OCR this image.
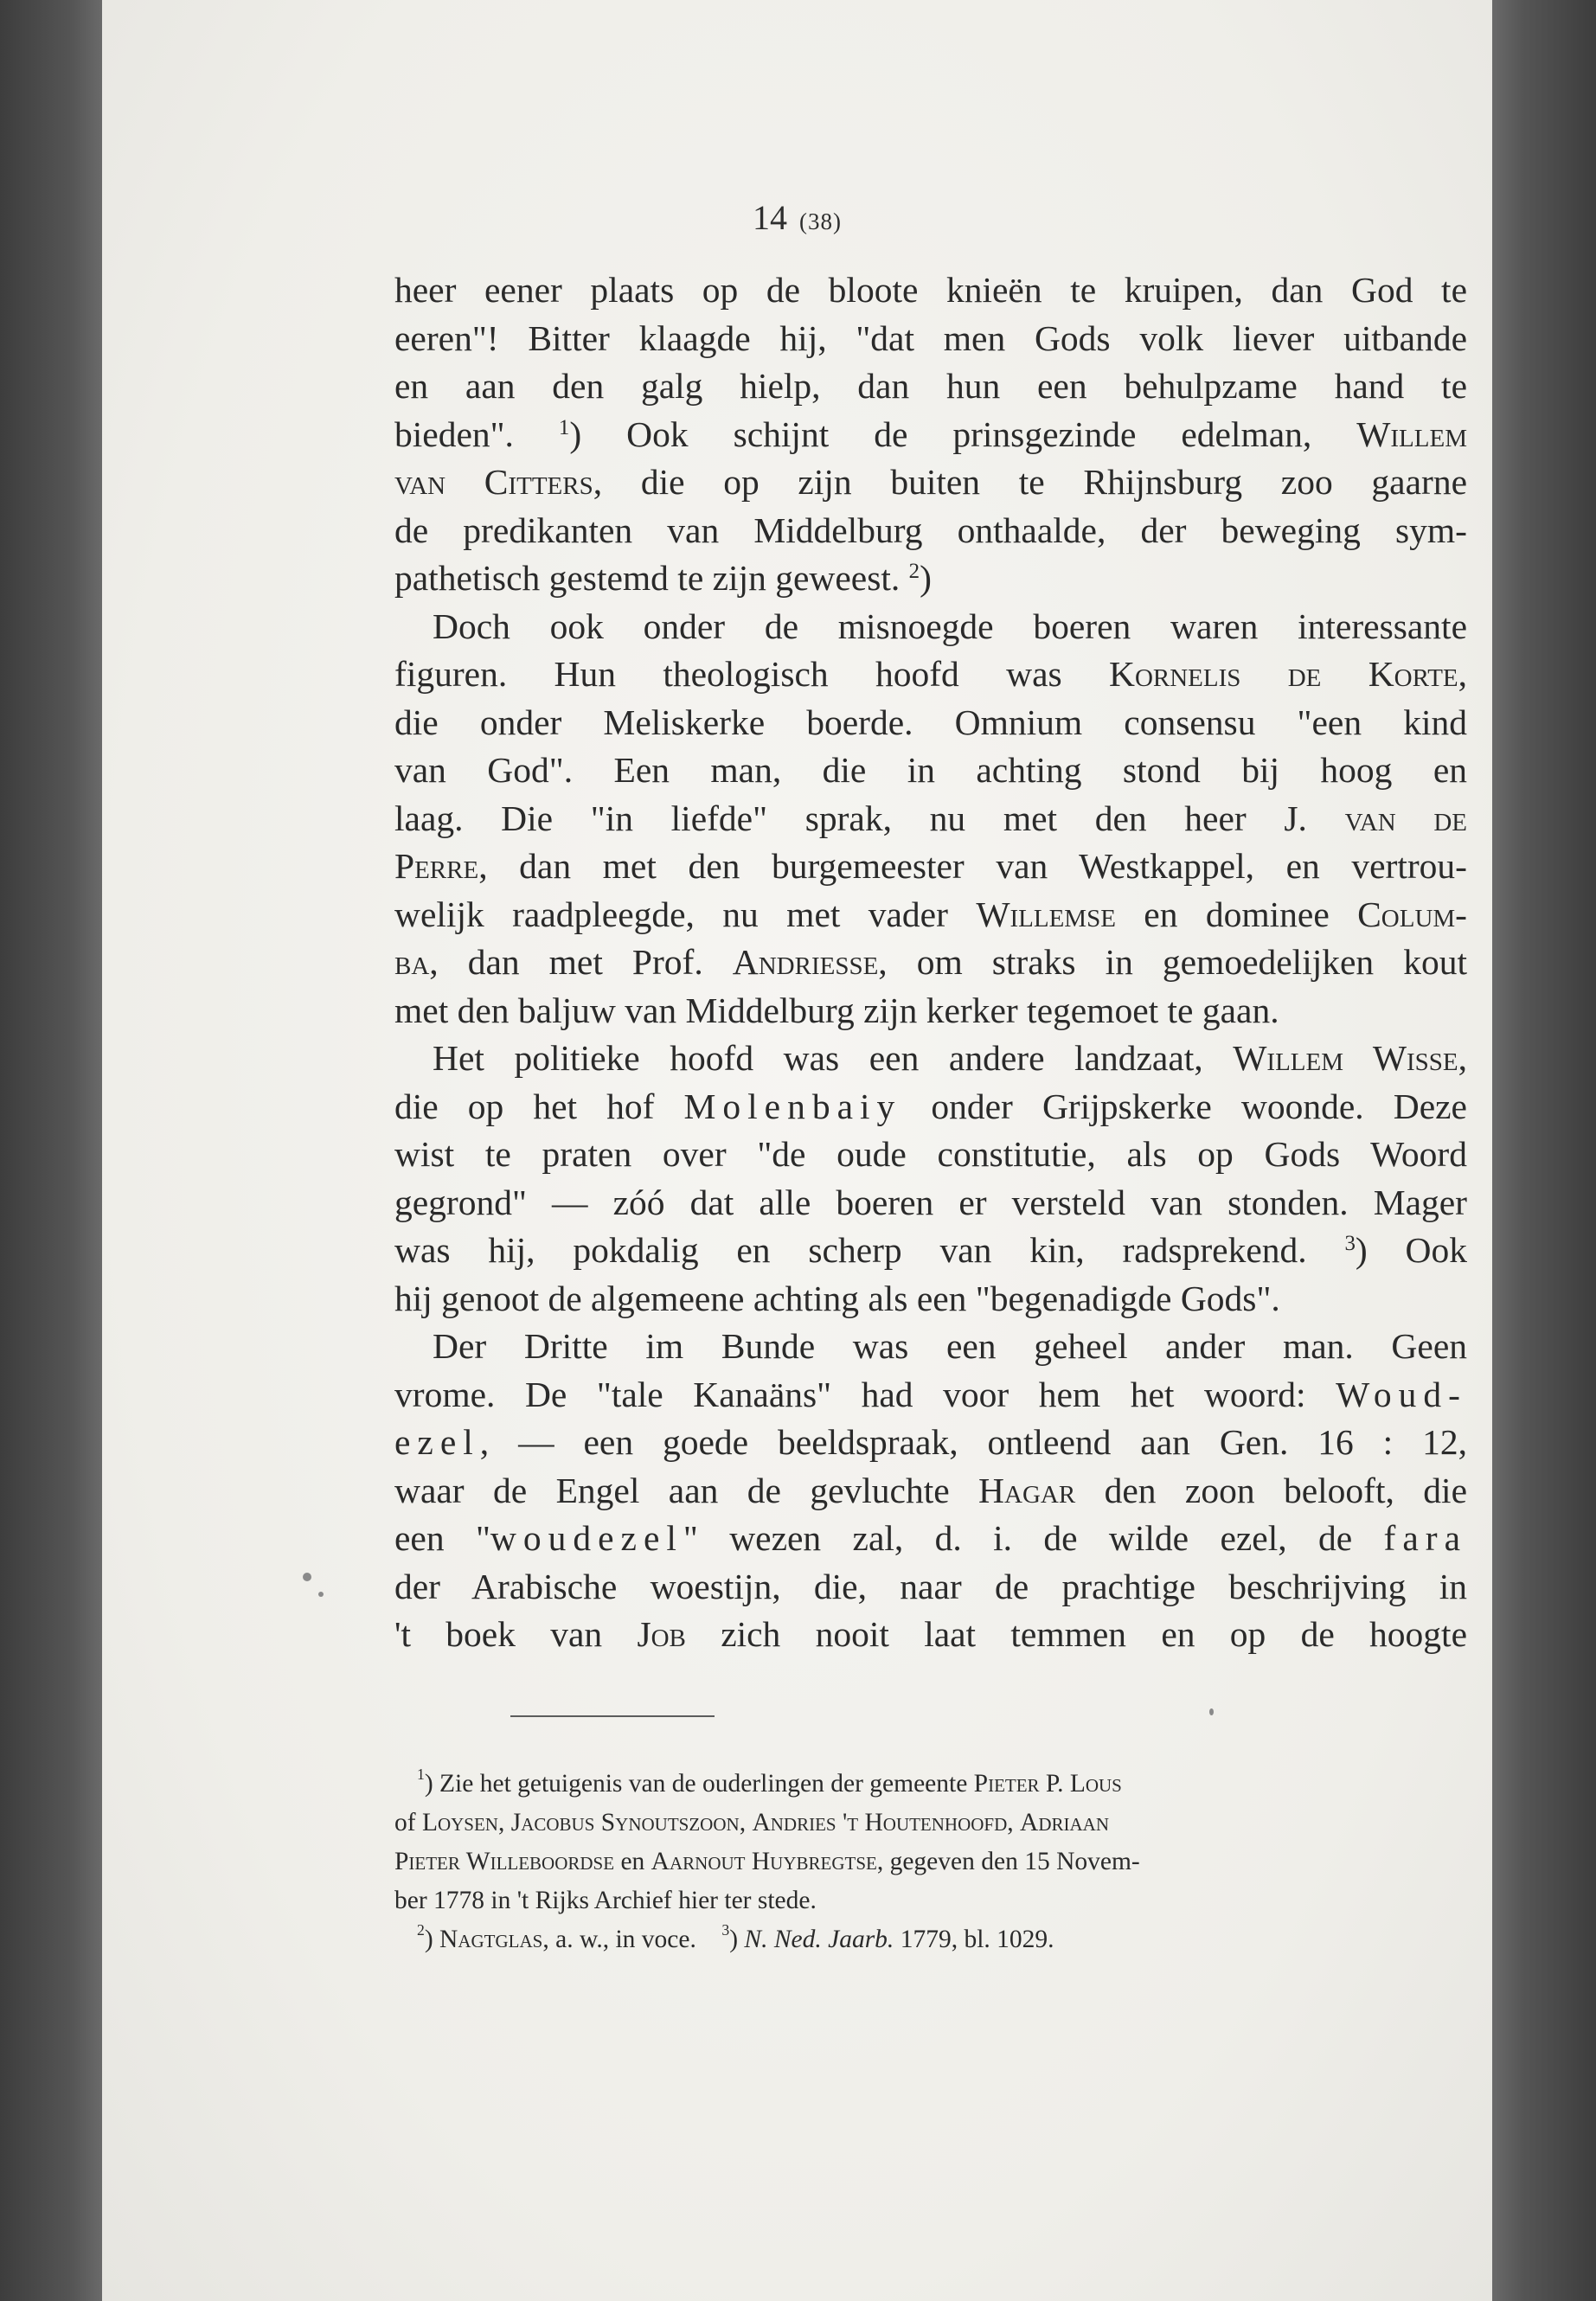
14 (38)
heer eener plaats op de bloote knieën te kruipen, dan God te
eeren"! Bitter klaagde hij, "dat men Gods volk liever uitbande
en aan den galg hielp, dan hun een behulpzame hand te
bieden". $^1$) Ook schijnt de prinsgezinde edelman, Willem
van Citters, die op zijn buiten te Rhijnsburg zoo gaarne
de predikanten van Middelburg onthaalde, der beweging sym-
pathetisch gestemd te zijn geweest. $^2$)
Doch ook onder de misnoegde boeren waren interessante
figuren. Hun theologisch hoofd was Kornelis de Korte,
die onder Meliskerke boerde. Omnium consensu "een kind
van God". Een man, die in achting stond bij hoog en
laag. Die "in liefde" sprak, nu met den heer J. van de
Perre, dan met den burgemeester van Westkappel, en vertrou-
welijk raadpleegde, nu met vader Willemse en dominee Colum-
ba, dan met Prof. Andriesse, om straks in gemoedelijken kout
met den baljuw van Middelburg zijn kerker tegemoet te gaan.
Het politieke hoofd was een andere landzaat, Willem Wisse,
die op het hof Molenbaiy onder Grijpskerke woonde. Deze
wist te praten over "de oude constitutie, als op Gods Woord
gegrond" — zóó dat alle boeren er versteld van stonden. Mager
was hij, pokdalig en scherp van kin, radsprekend. $^3$) Ook
hij genoot de algemeene achting als een "begenadigde Gods".
Der Dritte im Bunde was een geheel ander man. Geen
vrome. De "tale Kanaäns" had voor hem het woord: Woud-
ezel, — een goede beeldspraak, ontleend aan Gen. 16 : 12,
waar de Engel aan de gevluchte Hagar den zoon belooft, die
een "woudezel" wezen zal, d. i. de wilde ezel, de fara
der Arabische woestijn, die, naar de prachtige beschrijving in
't boek van Job zich nooit laat temmen en op de hoogte
$^1$) Zie het getuigenis van de ouderlingen der gemeente Pieter P. Lous
of Loysen, Jacobus Synoutszoon, Andries 't Houtenhoofd, Adriaan
Pieter Willeboordse en Aarnout Huybregtse, gegeven den 15 Novem-
ber 1778 in 't Rijks Archief hier ter stede.
$^2$) Nagtglas, a. w., in voce. $^3$) N. Ned. Jaarb. 1779, bl. 1029.
